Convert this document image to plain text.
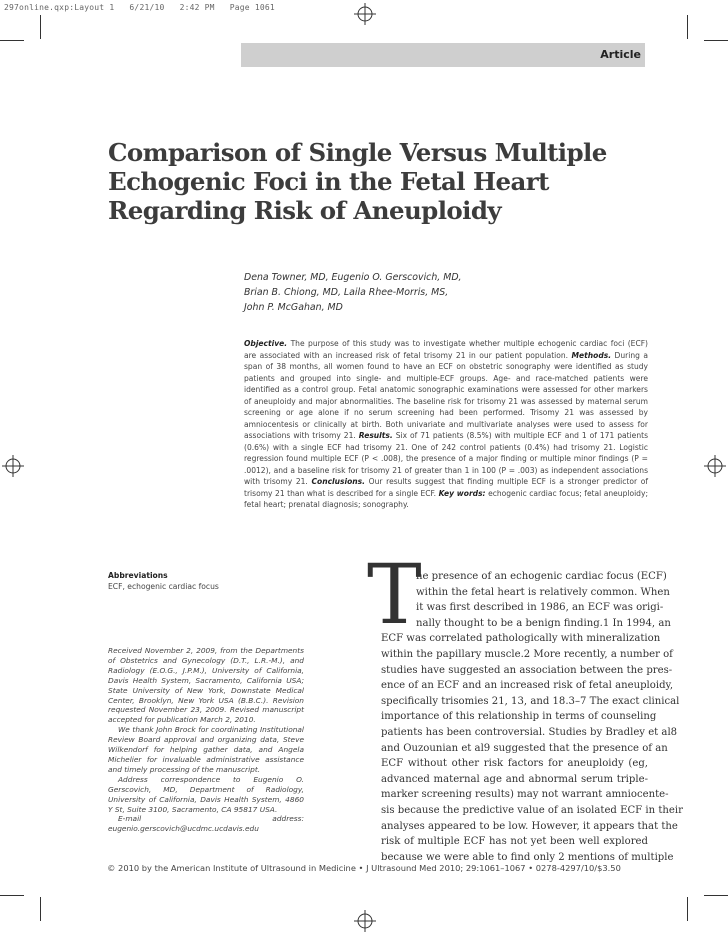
297online.qxp:Layout 1   6/21/10   2:42 PM   Page 1061
Article
Comparison of Single Versus Multiple
Echogenic Foci in the Fetal Heart
Regarding Risk of Aneuploidy
Dena Towner, MD, Eugenio O. Gerscovich, MD,
Brian B. Chiong, MD, Laila Rhee-Morris, MS,
John P. McGahan, MD
Objective. The purpose of this study was to investigate whether multiple echogenic cardiac foci (ECF) are associated with an increased risk of fetal trisomy 21 in our patient population. Methods. During a span of 38 months, all women found to have an ECF on obstetric sonography were identified as study patients and grouped into single- and multiple-ECF groups. Age- and race-matched patients were identified as a control group. Fetal anatomic sonographic examinations were assessed for other markers of aneuploidy and major abnormalities. The baseline risk for trisomy 21 was assessed by maternal serum screening or age alone if no serum screening had been performed. Trisomy 21 was assessed by amniocentesis or clinically at birth. Both univariate and multivariate analyses were used to assess for associations with trisomy 21. Results. Six of 71 patients (8.5%) with multiple ECF and 1 of 171 patients (0.6%) with a single ECF had trisomy 21. One of 242 control patients (0.4%) had trisomy 21. Logistic regression found multiple ECF (P < .008), the presence of a major finding or multiple minor findings (P = .0012), and a baseline risk for trisomy 21 of greater than 1 in 100 (P = .003) as independent associations with trisomy 21. Conclusions. Our results suggest that finding multiple ECF is a stronger predictor of trisomy 21 than what is described for a single ECF. Key words: echogenic cardiac focus; fetal aneuploidy; fetal heart; prenatal diagnosis; sonography.
Abbreviations
ECF, echogenic cardiac focus

Received November 2, 2009, from the Departments of Obstetrics and Gynecology (D.T., L.R.-M.), and Radiology (E.O.G., J.P.M.), University of California, Davis Health System, Sacramento, California USA; State University of New York, Downstate Medical Center, Brooklyn, New York USA (B.B.C.). Revision requested November 23, 2009. Revised manuscript accepted for publication March 2, 2010.

We thank John Brock for coordinating Institutional Review Board approval and organizing data, Steve Wilkendorf for helping gather data, and Angela Michelier for invaluable administrative assistance and timely processing of the manuscript.

Address correspondence to Eugenio O. Gerscovich, MD, Department of Radiology, University of California, Davis Health System, 4860 Y St, Suite 3100, Sacramento, CA 95817 USA.

E-mail address: eugenio.gerscovich@ucdmc.ucdavis.edu

T
he presence of an echogenic cardiac focus (ECF)
within the fetal heart is relatively common. When
it was first described in 1986, an ECF was origi-
nally thought to be a benign finding.1 In 1994, an
ECF was correlated pathologically with mineralization
within the papillary muscle.2 More recently, a number of
studies have suggested an association between the pres-
ence of an ECF and an increased risk of fetal aneuploidy,
specifically trisomies 21, 13, and 18.3–7 The exact clinical
importance of this relationship in terms of counseling
patients has been controversial. Studies by Bradley et al8
and Ouzounian et al9 suggested that the presence of an
ECF without other risk factors for aneuploidy (eg,
advanced maternal age and abnormal serum triple-
marker screening results) may not warrant amniocente-
sis because the predictive value of an isolated ECF in their
analyses appeared to be low. However, it appears that the
risk of multiple ECF has not yet been well explored
because we were able to find only 2 mentions of multiple
© 2010 by the American Institute of Ultrasound in Medicine • J Ultrasound Med 2010; 29:1061–1067 • 0278-4297/10/$3.50
